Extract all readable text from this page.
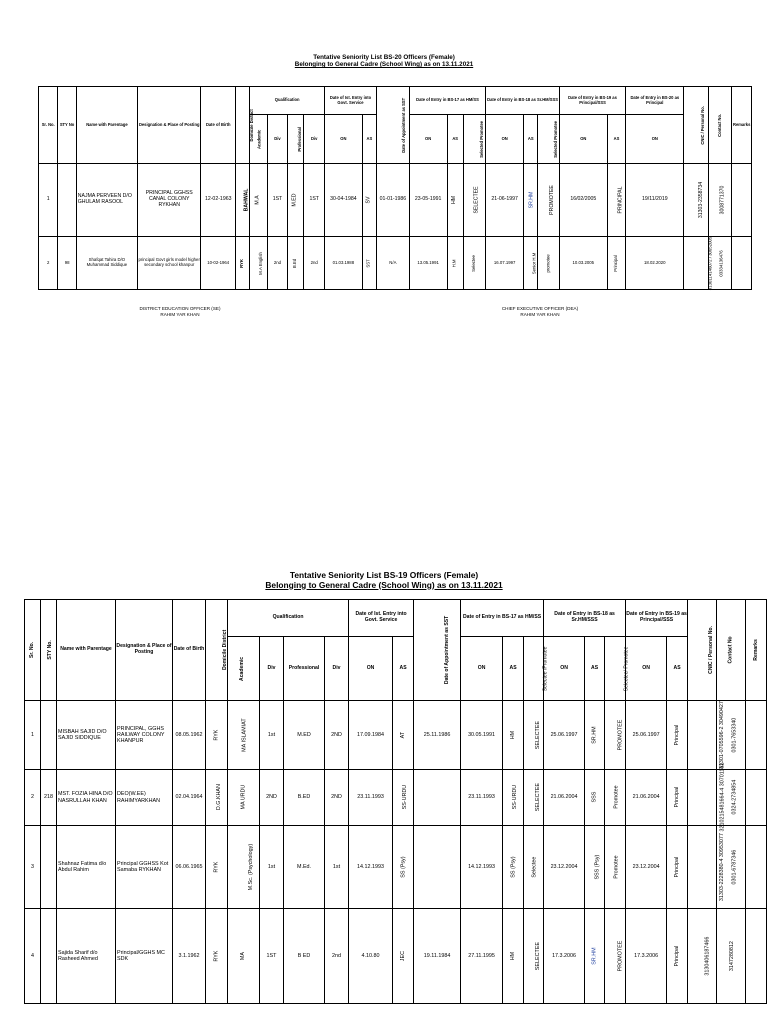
Tentative Seniority List BS-20 Officers (Female)
Belonging to General Cadre (School Wing) as on 13.11.2021
Sr. No.	STY No	Name with Parentage	Designation & Place of Posting	Date of Birth	Domicile District	Qualification				Date of Ist. Entry into Govt. Service		Date of Appointment as SST	Date of Entry in BS-17 as HM/SS			Date of Entry in BS-18 as Sr.HM/SSS			Date of Entry in BS-19 as Principal/SSS		Date of Entry in BS-20 as Principal	CNIC / Personal No.	Contact No.	Remarks
						Academic	Div	Professional	Div	ON	AS		ON	AS	Selected Promotee	ON	AS	Selected Promotee	ON	AS	ON			
1		NAJMA PERVEEN D/O GHULAM RASOOL	PRINCIPAL GGHSS CANAL COLONY RYKHAN	12-02-1963	BAHWAL	M.A	1ST	M.ED	1ST	30-04-1984	SV	01-01-1986	23-05-1991	HM	SELECTEE	21-06-1997	SR.HM	PROMOTEE	16/02/2005	PRINCIPAL	19/11/2019	31303-2358734	3008771370	
2	98	Shafqat Tahira D/O Muhammad Siddique	principal Govt girls model higher secondary school khanpur	10-02-1964	RYK	M.A English	2nd	B.Ed	2nd	01.03.1988	SST	N/A	13.05.1991	H.M	Selectee	16.07.1997	Senior H.M	promotee	10.03.2005	Principal	18.02.2020	3130114146072 / 30652005	03334136476	
DISTRICT EDUCATION OFFICER (SE)
RAHIM YAR KHAN
CHIEF EXECUTIVE OFFICER (DEA)
RAHIM YAR KHAN
Tentative Seniority List BS-19 Officers (Female)
Belonging to General Cadre (School Wing) as on 13.11.2021
Sr. No.	STY No.	Name with Parentage	Designation & Place of Posting	Date of Birth	Domicile District	Qualification				Date of Ist. Entry into Govt. Service		Date of Appointment as SST	Date of Entry in BS-17 as HM/SS			Date of Entry in BS-18 as Sr.HM/SSS			Date of Entry in BS-19 as Principal/SSS		CNIC / Personal No.	Contact No	Remarks
						Academic	Div	Professional	Div	ON	AS		ON	AS	Selectee /Promotee	ON	AS	Selectee/ Promotee	ON	AS			
1		MISBAH SAJID D/O SAJID SIDDIQUE	PRINCIPAL, GGHS RAILWAY COLONY KHANPUR	08.05.1962	RYK	MA ISLAMIAT	1st	M.ED	2ND	17.09.1984	AT	25.11.1986	30.05.1991	HM	SELECTEE	25.06.1997	SR.HM	PROMOTEE	25.06.1997	Principal	31301-0705596-2 30490427	0301-7653340	
2	218	MST. FOZIA HINA D/O NASRULLAH KHAN	DEO(W.EE) RAHIMYARKHAN	02.04.1964	D.G.KHAN	MA URDU	2ND	B.ED	2ND	23.11.1993	SS-URDU		23.11.1993	SS-URDU	SELECTEE	21.06.2004	SSS	Promotee	21.06.2004	Principal	3210215481664-4 30701162	0324-2734854	
3		Shahnaz Fatima d/o Abdul Rahim	Principal GGHSS Kot Samaba RYKHAN	06.06.1965	RYK	M.Sc. (Psychology)	1st	M.Ed.	1st	14.12.1993	SS (Psy)		14.12.1993	SS (Psy)	Selectee	23.12.2004	SSS (Psy)	Promotee	23.12.2004	Principal	31303-2228380-4 30953077	0301-6787346	
4		Sajida Sharif d/o Rasheed Ahmed	Principal/GGHS MC SDK	3.1.1962	RYK	MA	1ST	B ED	2nd	4.10.80	JEC	19.11.1984	27.11.1995	HM	SELECTEE	17.3.2006	SR.HM	PROMOTEE	17.3.2006	Principal	3130406187466	3147280812	
